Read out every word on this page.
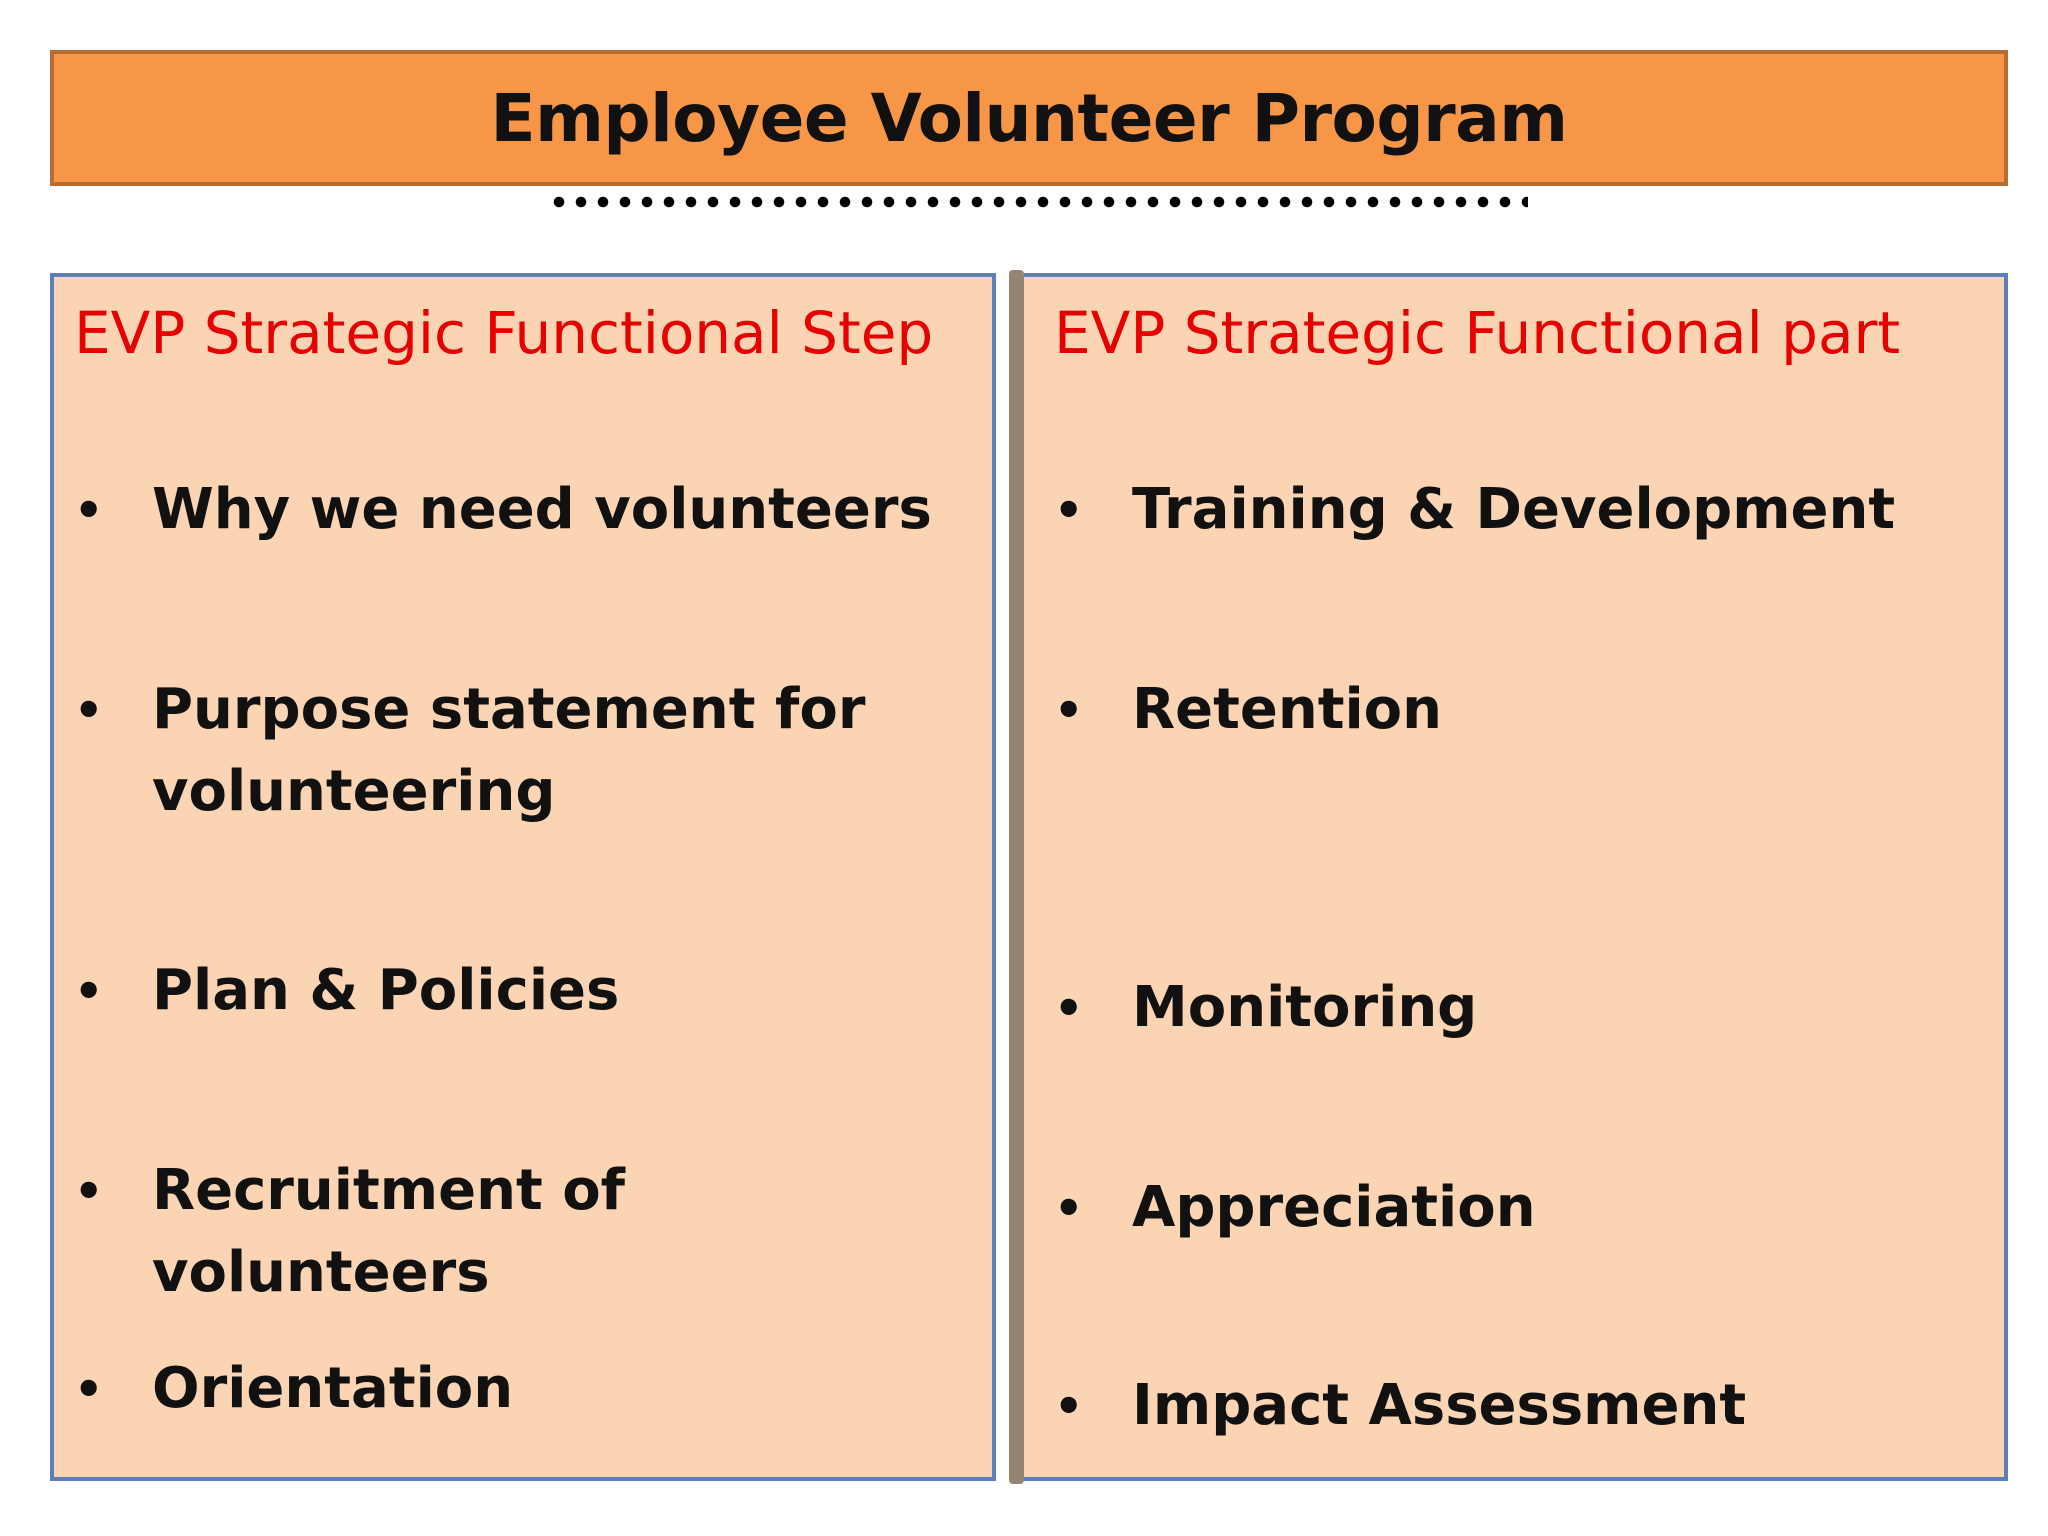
Employee Volunteer Program
EVP Strategic Functional Step
• Why we need volunteers
• Purpose statement for volunteering
• Plan & Policies
• Recruitment of volunteers
• Orientation
EVP Strategic Functional part
• Training & Development
• Retention
• Monitoring
• Appreciation
• Impact Assessment
